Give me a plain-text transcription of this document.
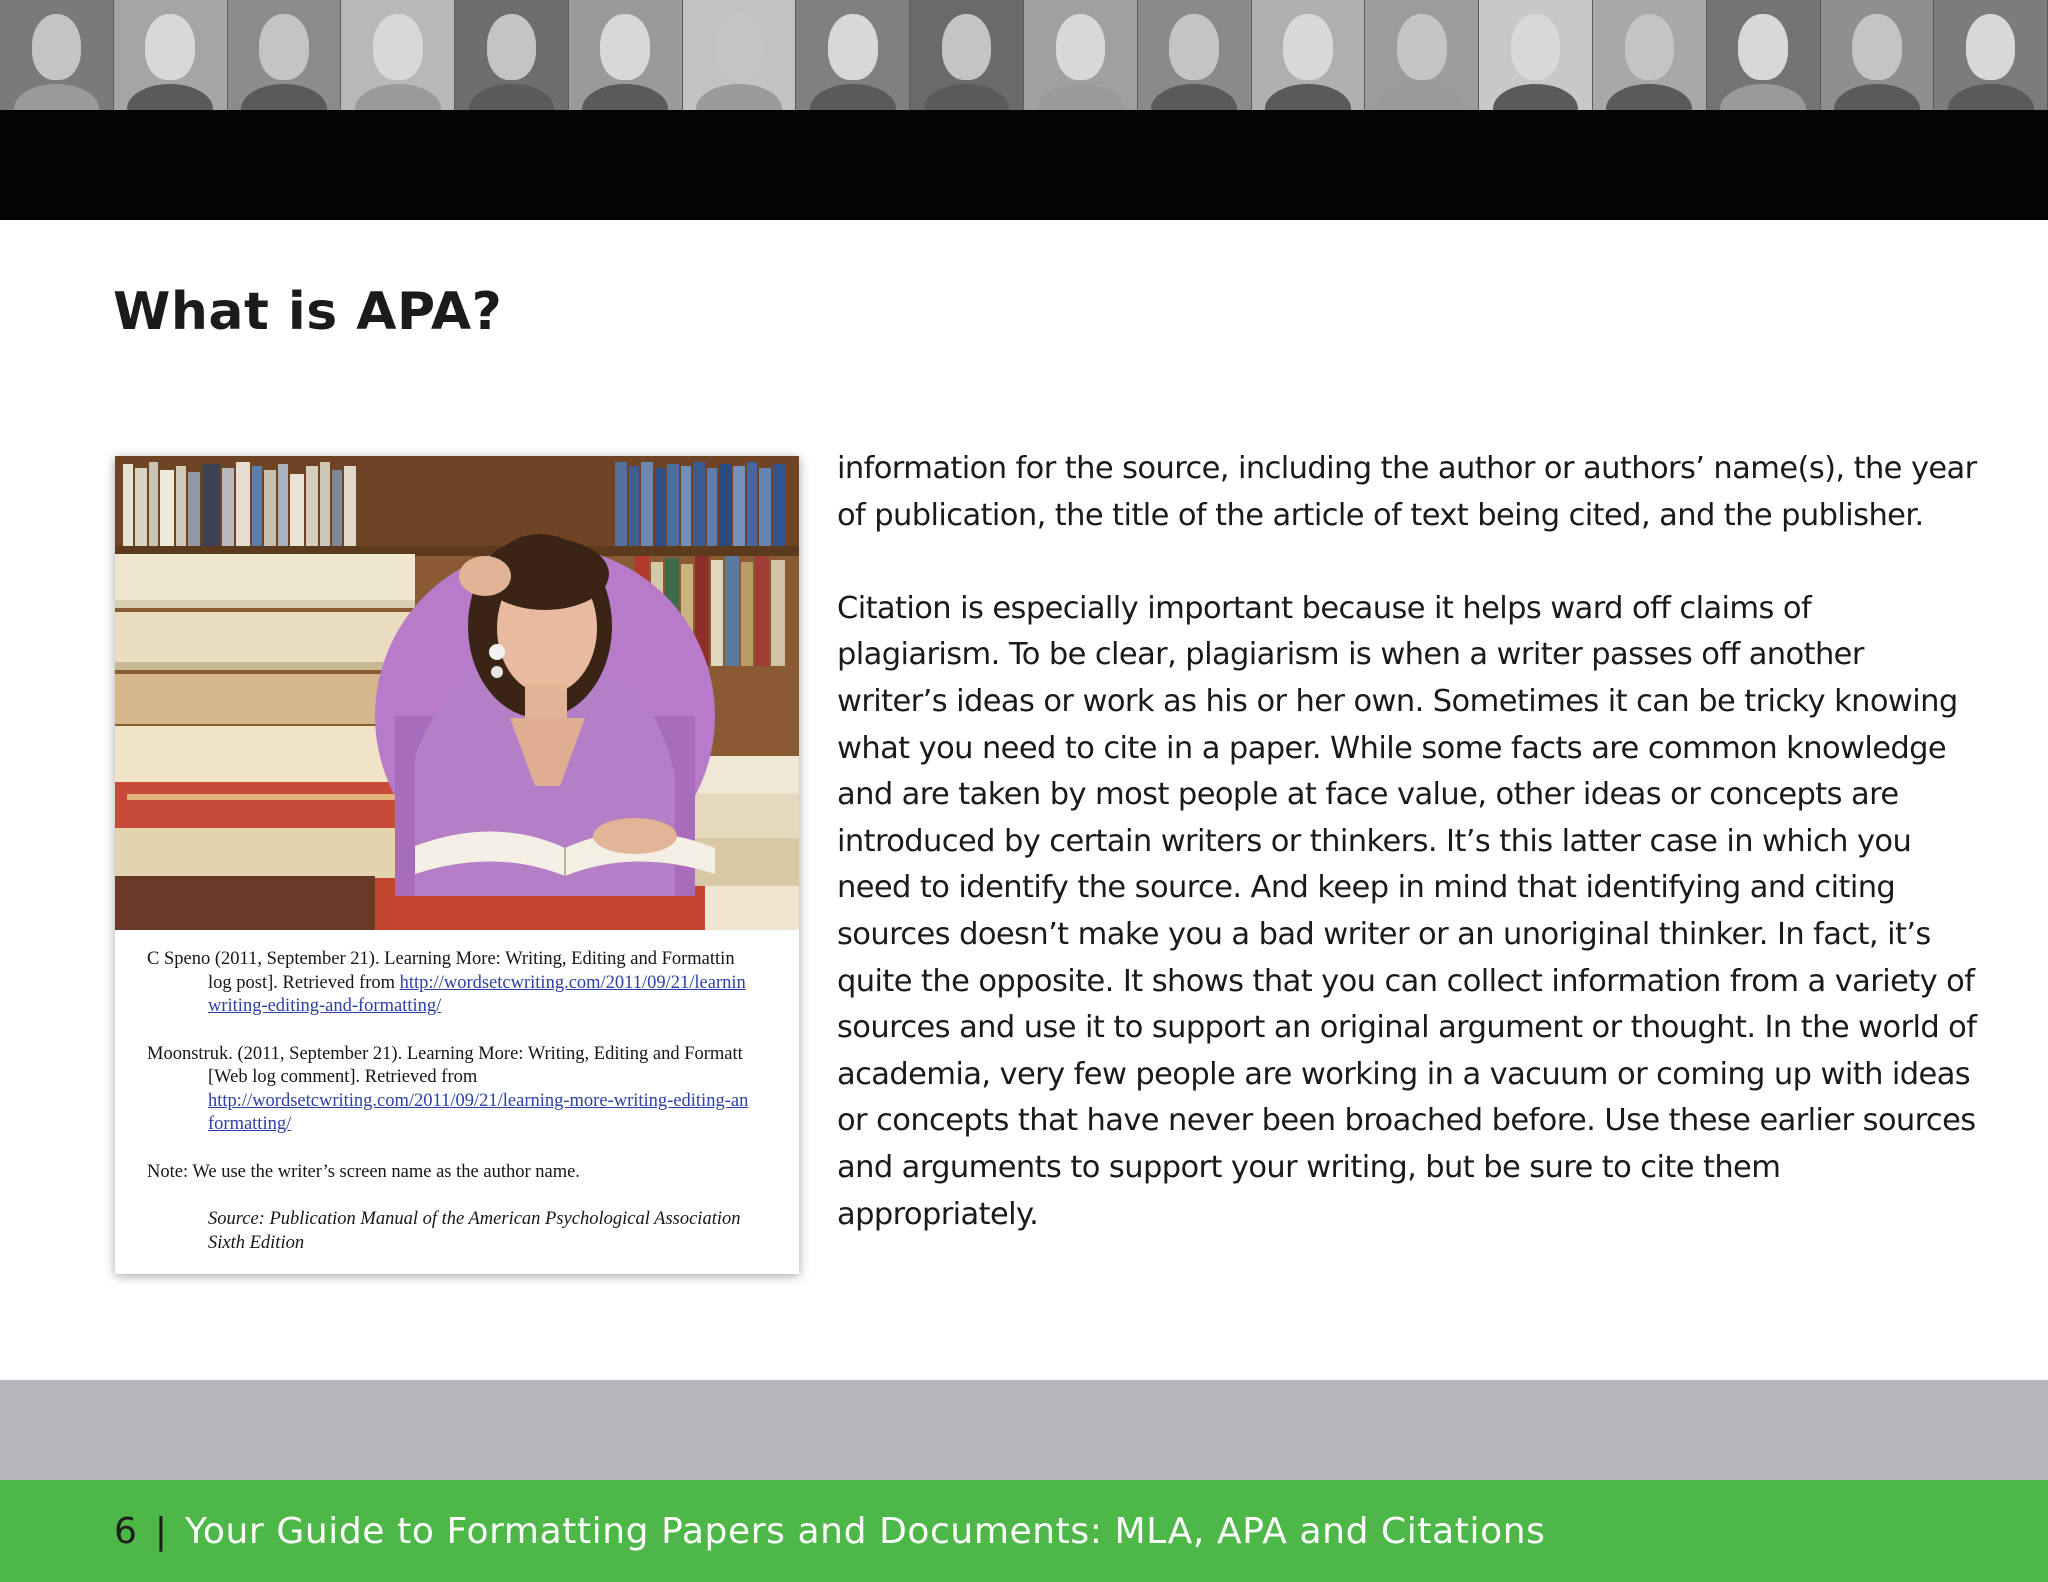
What is APA?
C Speno (2011, September 21). Learning More: Writing, Editing and Formattin
log post]. Retrieved from http://wordsetcwriting.com/2011/09/21/learnin
writing-editing-and-formatting/
Moonstruk. (2011, September 21). Learning More: Writing, Editing and Formatt
[Web log comment]. Retrieved from
http://wordsetcwriting.com/2011/09/21/learning-more-writing-editing-an
formatting/
Note: We use the writer’s screen name as the author name.
Source: Publication Manual of the American Psychological Association
Sixth Edition

information for the source, including the author or authors’ name(s), the year of publication, the title of the article of text being cited, and the publisher.

Citation is especially important because it helps ward off claims of plagiarism. To be clear, plagiarism is when a writer passes off another writer’s ideas or work as his or her own. Sometimes it can be tricky knowing what you need to cite in a paper. While some facts are common knowledge and are taken by most people at face value, other ideas or concepts are introduced by certain writers or thinkers. It’s this latter case in which you need to identify the source. And keep in mind that identifying and citing sources doesn’t make you a bad writer or an unoriginal thinker. In fact, it’s quite the opposite. It shows that you can collect information from a variety of sources and use it to support an original argument or thought. In the world of academia, very few people are working in a vacuum or coming up with ideas or concepts that have never been broached before. Use these earlier sources and arguments to support your writing, but be sure to cite them appropriately.

6 | Your Guide to Formatting Papers and Documents: MLA, APA and Citations
